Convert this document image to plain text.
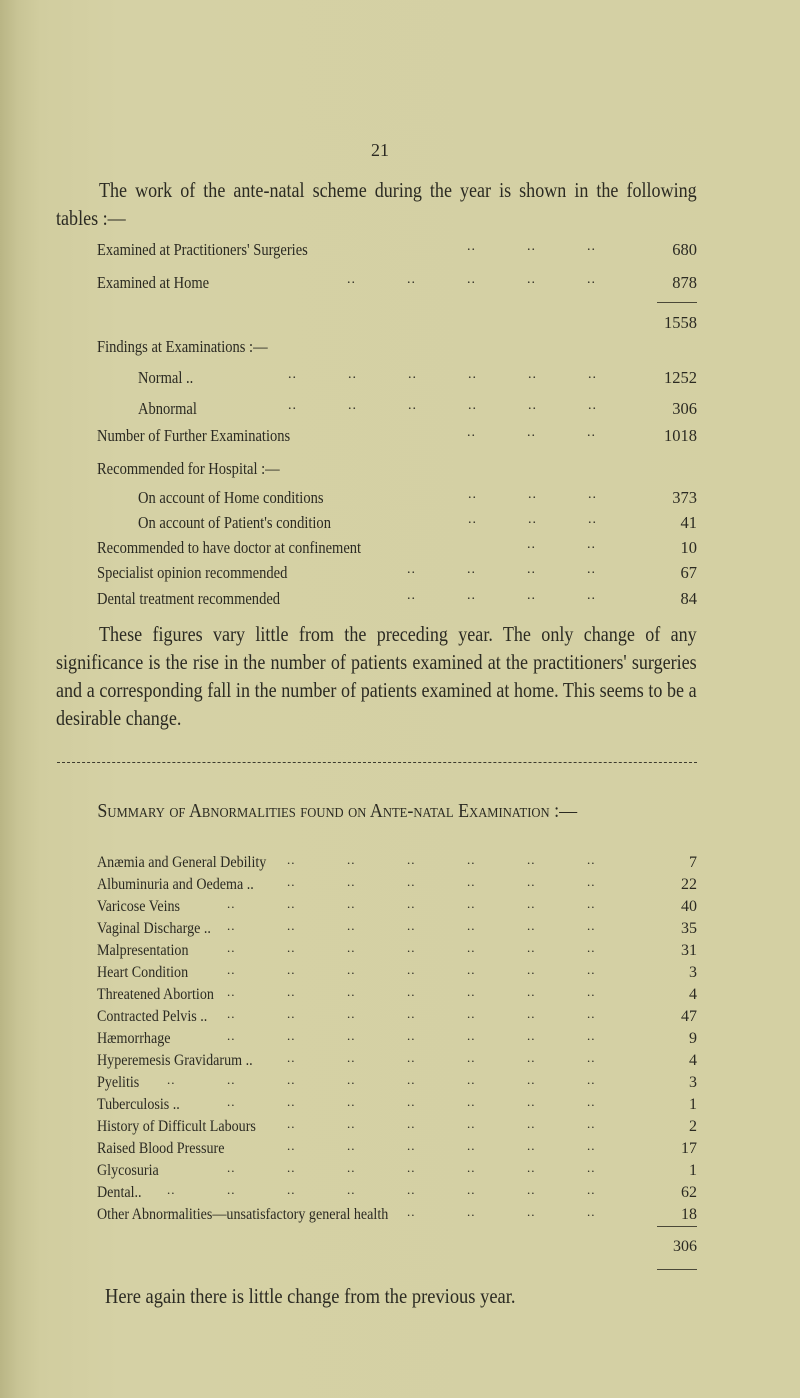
21
The work of the ante-natal scheme during the year is shown in the following tables :—
Examined at Practitioners' Surgeries	..	..	..	680
Examined at Home	..	..	..	..	..	878
1558
Findings at Examinations :—
Normal ..	..	..	..	..	..	..	1252
Abnormal	..	..	..	..	..	..	306
Number of Further Examinations	..	..	..	1018
Recommended for Hospital :—
On account of Home conditions	..	..	..	373
On account of Patient's condition	..	..	..	41
Recommended to have doctor at confinement	..	..	10
Specialist opinion recommended	..	..	..	..	67
Dental treatment recommended	..	..	..	..	84
These figures vary little from the preceding year. The only change of any significance is the rise in the number of patients examined at the practitioners' surgeries and a corresponding fall in the number of patients examined at home. This seems to be a desirable change.
Summary of Abnormalities found on Ante-natal Examination :—
Anæmia and General Debility	7
..
..
..
..
..
..
Albuminuria and Oedema ..	22
..
..
..
..
..
..
Varicose Veins	40
..
..
..
..
..
..
..
Vaginal Discharge ..	35
..
..
..
..
..
..
..
Malpresentation	31
..
..
..
..
..
..
..
Heart Condition	3
..
..
..
..
..
..
..
Threatened Abortion	4
..
..
..
..
..
..
..
Contracted Pelvis ..	47
..
..
..
..
..
..
..
Hæmorrhage	9
..
..
..
..
..
..
..
Hyperemesis Gravidarum ..	4
..
..
..
..
..
..
Pyelitis	3
..
..
..
..
..
..
..
..
Tuberculosis ..	1
..
..
..
..
..
..
..
History of Difficult Labours	2
..
..
..
..
..
..
Raised Blood Pressure	17
..
..
..
..
..
..
Glycosuria	1
..
..
..
..
..
..
..
Dental..	62
..
..
..
..
..
..
..
..
Other Abnormalities—unsatisfactory general health	18
..
..
..
..
306
Here again there is little change from the previous year.
